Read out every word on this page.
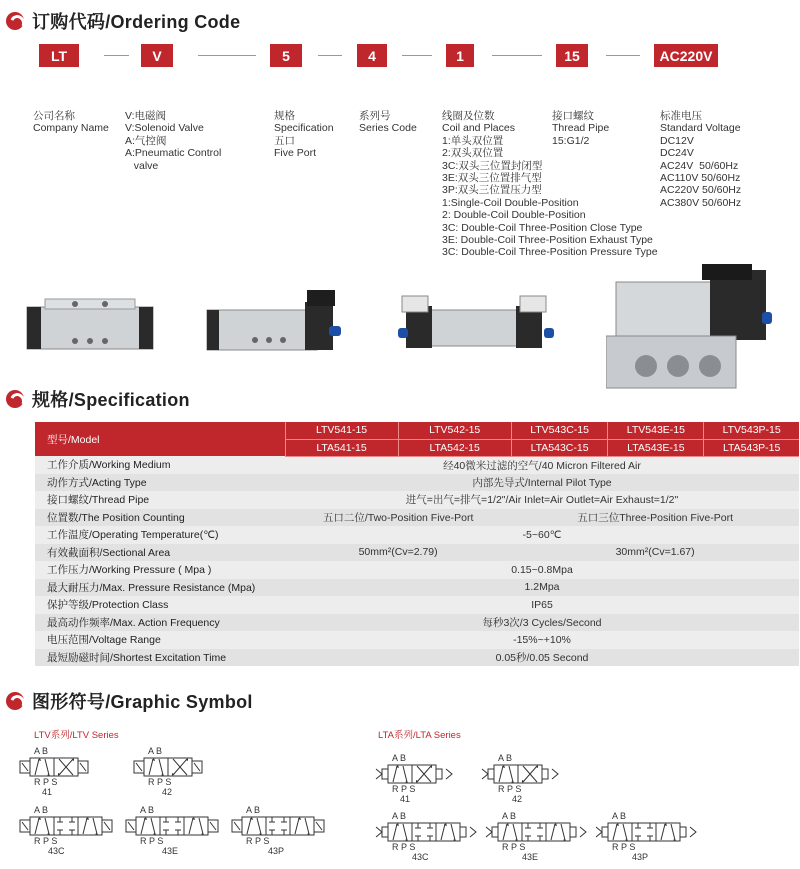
订购代码/Ordering Code
LT	V	5	4	1	15	AC220V
公司名称
Company Name
V:电磁阀
V:Solenoid Valve
A:气控阀
A:Pneumatic Control
valve
规格
Specification
五口
Five Port
系列号
Series Code
线圈及位数
Coil and Places
1:单头双位置
2:双头双位置
3C:双头三位置封闭型
3E:双头三位置排气型
3P:双头三位置压力型
1:Single-Coil Double-Position
2: Double-Coil Double-Position
3C: Double-Coil Three-Position Close Type
3E: Double-Coil Three-Position Exhaust Type
3C: Double-Coil Three-Position Pressure Type
接口螺纹
Thread Pipe
15:G1/2
标准电压
Standard Voltage
DC12V
DC24V
AC24V  50/60Hz
AC110V 50/60Hz
AC220V 50/60Hz
AC380V 50/60Hz
规格/Specification
型号/Model	LTV541-15	LTV542-15	LTV543C-15	LTV543E-15	LTV543P-15
	LTA541-15	LTA542-15	LTA543C-15	LTA543E-15	LTA543P-15
工作介质/Working Medium	经40微米过滤的空气/40 Micron Filtered Air				
动作方式/Acting Type	内部先导式/Internal Pilot Type				
接口螺纹/Thread Pipe	进气=出气=排气=1/2"/Air Inlet=Air Outlet=Air Exhaust=1/2"				
位置数/The Position Counting	五口二位/Two-Position Five-Port		五口三位Three-Position Five-Port		
工作温度/Operating Temperature(℃)	-5~60℃				
有效截面积/Sectional Area	50mm²(Cv=2.79)		30mm²(Cv=1.67)		
工作压力/Working Pressure ( Mpa )	0.15~0.8Mpa				
最大耐压力/Max. Pressure Resistance (Mpa)	1.2Mpa				
保护等级/Protection Class	IP65				
最高动作频率/Max. Action Frequency	每秒3次/3 Cycles/Second				
电压范围/Voltage Range	-15%~+10%				
最短励磁时间/Shortest Excitation Time	0.05秒/0.05 Second				
图形符号/Graphic Symbol
LTV系列/LTV Series	LTA系列/LTA Series
A B
R P S
41
A B
R P S
42
A B
R P S
43C
A B
R P S
43E
A B
R P S
43P
A B
R P S
41
A B
R P S
42
A B
R P S
43C
A B
R P S
43E
A B
R P S
43P
